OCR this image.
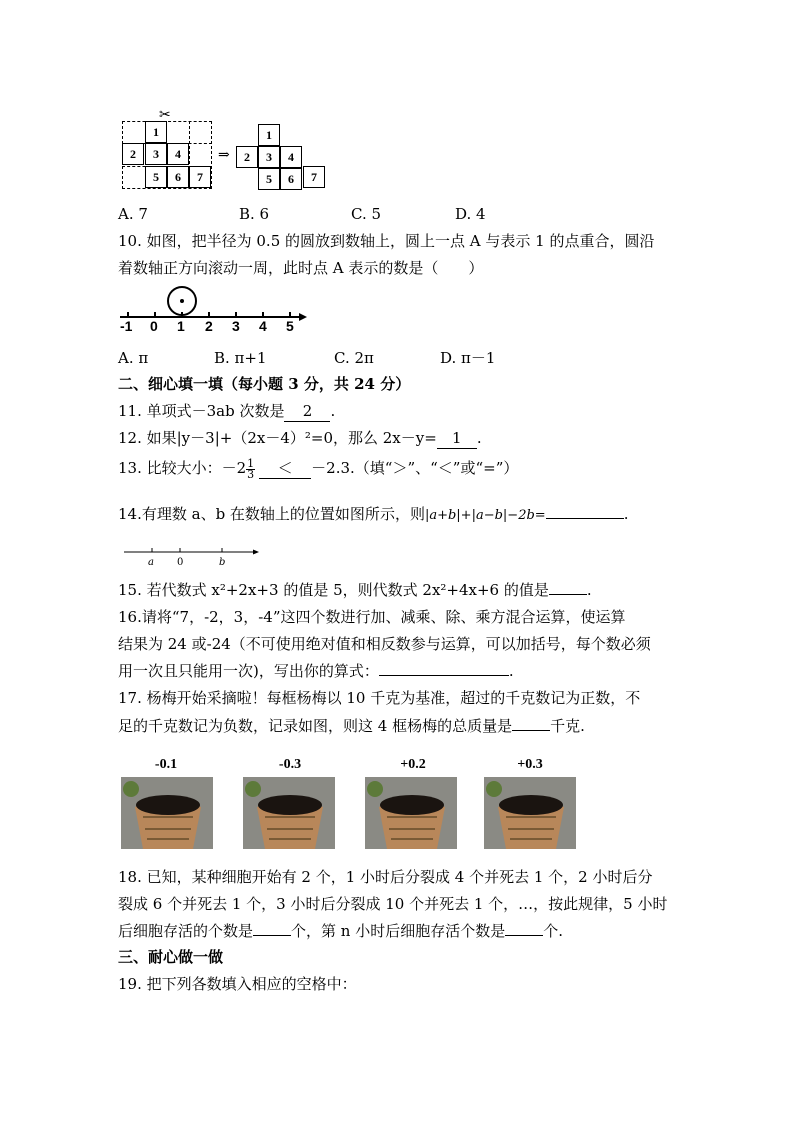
✂
1
2	3	4
5	6	7
⇒
1
2	3	4
5	6	7
A. 7	B. 6	C. 5	D. 4
10. 如图，把半径为 0.5 的圆放到数轴上，圆上一点 A 与表示 1 的点重合，圆沿
着数轴正方向滚动一周，此时点 A 表示的数是（　　）
-1 0 1 2 3 4 5
A. π	B. π+1	C. 2π	D. π－1
二、细心填一填（每小题 3 分，共 24 分）
11. 单项式－3ab 次数是 2 .
12. 如果|y－3|+（2x－4）²=0，那么 2x－y= 1 .
13. 比较大小：$-2 \frac{1}{3} < -2.3$.（填“＞”、“＜”或“=”）
14.有理数 a、b 在数轴上的位置如图所示，则|a+b|+|a−b|−2b=	.
a 0	b
15. 若代数式 x²+2x+3 的值是 5，则代数式 2x²+4x+6 的值是	.
16.请将“7，-2，3，-4”这四个数进行加、减乘、除、乘方混合运算，使运算
结果为 24 或-24（不可使用绝对值和相反数参与运算，可以加括号，每个数必须
用一次且只能用一次)，写出你的算式：	.
17. 杨梅开始采摘啦！每框杨梅以 10 千克为基准，超过的千克数记为正数，不
足的千克数记为负数，记录如图，则这 4 框杨梅的总质量是	千克.
-0.1	-0.3	+0.2	+0.3
18. 已知，某种细胞开始有 2 个，1 小时后分裂成 4 个并死去 1 个，2 小时后分
裂成 6 个并死去 1 个，3 小时后分裂成 10 个并死去 1 个，…，按此规律，5 小时
后细胞存活的个数是	个，第 n 小时后细胞存活个数是	个.
三、耐心做一做
19. 把下列各数填入相应的空格中：
